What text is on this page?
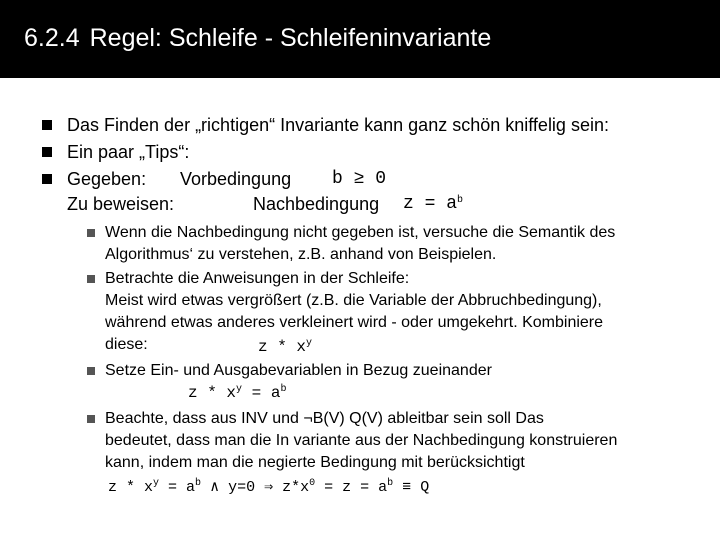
6.2.4 Regel: Schleife - Schleifeninvariante
Das Finden der „richtigen“ Invariante kann ganz schön kniffelig sein:
Ein paar „Tips“:
Gegeben: Vorbedingung b ≥ 0
Zu beweisen:	Nachbedingung $z = a^b$
Wenn die Nachbedingung nicht gegeben ist, versuche die Semantik des
Algorithmus‘ zu verstehen, z.B. anhand von Beispielen.
Betrachte die Anweisungen in der Schleife:
Meist wird etwas vergrößert (z.B. die Variable der Abbruchbedingung),
während etwas anderes verkleinert wird - oder umgekehrt. Kombiniere
diese:	z * $x^y$
Setze Ein- und Ausgabevariablen in Bezug zueinander
$z * x^y = a^b$
Beachte, dass aus INV und ¬B(V) Q(V) ableitbar sein soll Das
bedeutet, dass man die In variante aus der Nachbedingung konstruieren
kann, indem man die negierte Bedingung mit berücksichtigt
$z * x^y = a^b$ ∧ y=0 ⇒ $z*x^0 = z = a^b \equiv Q$
